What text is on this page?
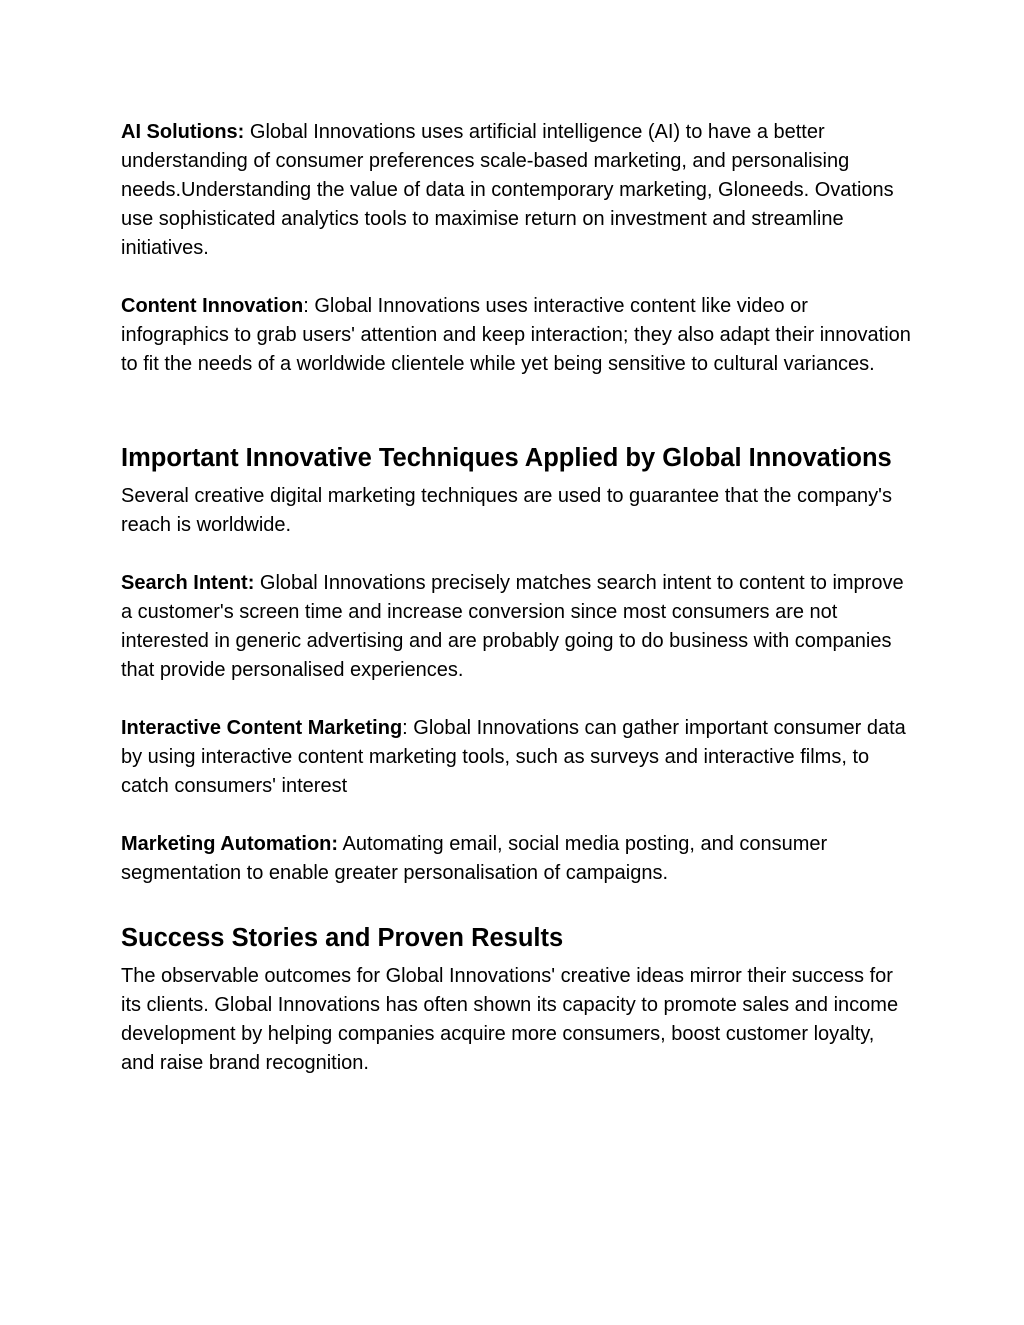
AI Solutions: Global Innovations uses artificial intelligence (AI) to have a better understanding of consumer preferences scale-based marketing, and personalising needs.Understanding the value of data in contemporary marketing, Gloneeds. Ovations use sophisticated analytics tools to maximise return on investment and streamline initiatives.

Content Innovation: Global Innovations uses interactive content like video or infographics to grab users' attention and keep interaction; they also adapt their innovation to fit the needs of a worldwide clientele while yet being sensitive to cultural variances.

Important Innovative Techniques Applied by Global Innovations

Several creative digital marketing techniques are used to guarantee that the company's reach is worldwide.

Search Intent: Global Innovations precisely matches search intent to content to improve a customer's screen time and increase conversion since most consumers are not interested in generic advertising and are probably going to do business with companies that provide personalised experiences.

Interactive Content Marketing: Global Innovations can gather important consumer data by using interactive content marketing tools, such as surveys and interactive films, to catch consumers' interest

Marketing Automation: Automating email, social media posting, and consumer segmentation to enable greater personalisation of campaigns.

Success Stories and Proven Results

The observable outcomes for Global Innovations' creative ideas mirror their success for its clients. Global Innovations has often shown its capacity to promote sales and income development by helping companies acquire more consumers, boost customer loyalty, and raise brand recognition.
